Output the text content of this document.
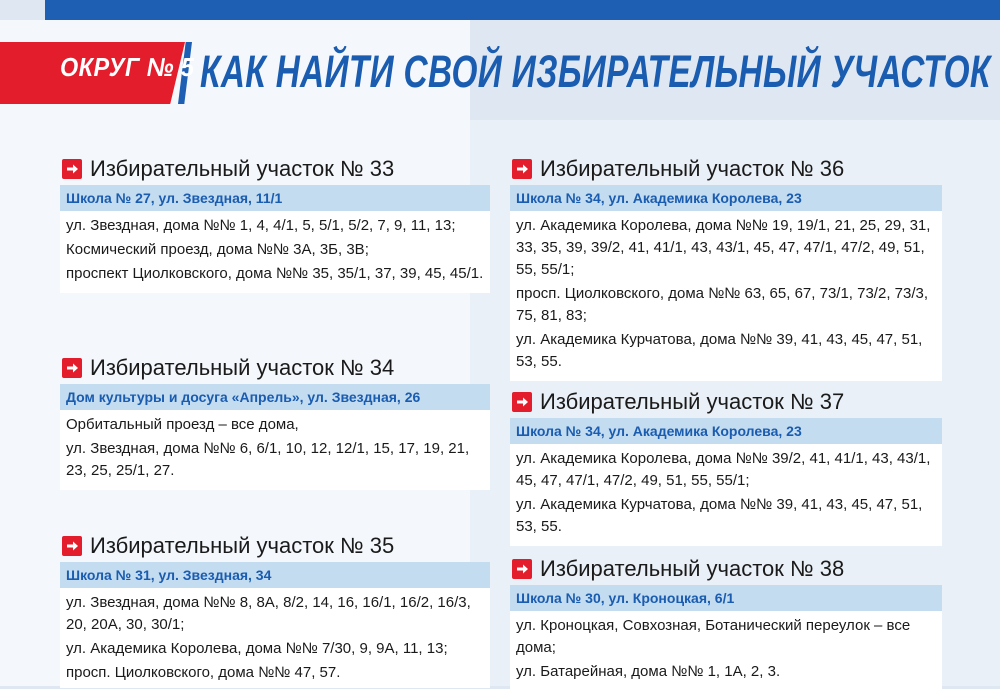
ОКРУГ № 5 КАК НАЙТИ СВОЙ ИЗБИРАТЕЛЬНЫЙ УЧАСТОК
Избирательный участок № 33
Школа № 27, ул. Звездная, 11/1

ул. Звездная, дома №№ 1, 4, 4/1, 5, 5/1, 5/2, 7, 9, 11, 13;

Космический проезд, дома №№ 3А, 3Б, 3В;

проспект Циолковского, дома №№ 35, 35/1, 37, 39, 45, 45/1.

Избирательный участок № 34
Дом культуры и досуга «Апрель», ул. Звездная, 26

Орбитальный проезд – все дома,

ул. Звездная, дома №№ 6, 6/1, 10, 12, 12/1, 15, 17, 19, 21, 23, 25, 25/1, 27.

Избирательный участок № 35
Школа № 31, ул. Звездная, 34

ул. Звездная, дома №№ 8, 8А, 8/2, 14, 16, 16/1, 16/2, 16/3, 20, 20А, 30, 30/1;

ул. Академика Королева, дома №№ 7/30, 9, 9А, 11, 13;

просп. Циолковского, дома №№ 47, 57.

Избирательный участок № 36
Школа № 34, ул. Академика Королева, 23

ул. Академика Королева, дома №№ 19, 19/1, 21, 25, 29, 31, 33, 35, 39, 39/2, 41, 41/1, 43, 43/1, 45, 47, 47/1, 47/2, 49, 51, 55, 55/1;

просп. Циолковского, дома №№ 63, 65, 67, 73/1, 73/2, 73/3, 75, 81, 83;

ул. Академика Курчатова, дома №№ 39, 41, 43, 45, 47, 51, 53, 55.

Избирательный участок № 37
Школа № 34, ул. Академика Королева, 23

ул. Академика Королева, дома №№ 39/2, 41, 41/1, 43, 43/1, 45, 47, 47/1, 47/2, 49, 51, 55, 55/1;

ул. Академика Курчатова, дома №№ 39, 41, 43, 45, 47, 51, 53, 55.

Избирательный участок № 38
Школа № 30, ул. Кроноцкая, 6/1

ул. Кроноцкая, Совхозная, Ботанический переулок – все дома;

ул. Батарейная, дома №№ 1, 1А, 2, 3.
